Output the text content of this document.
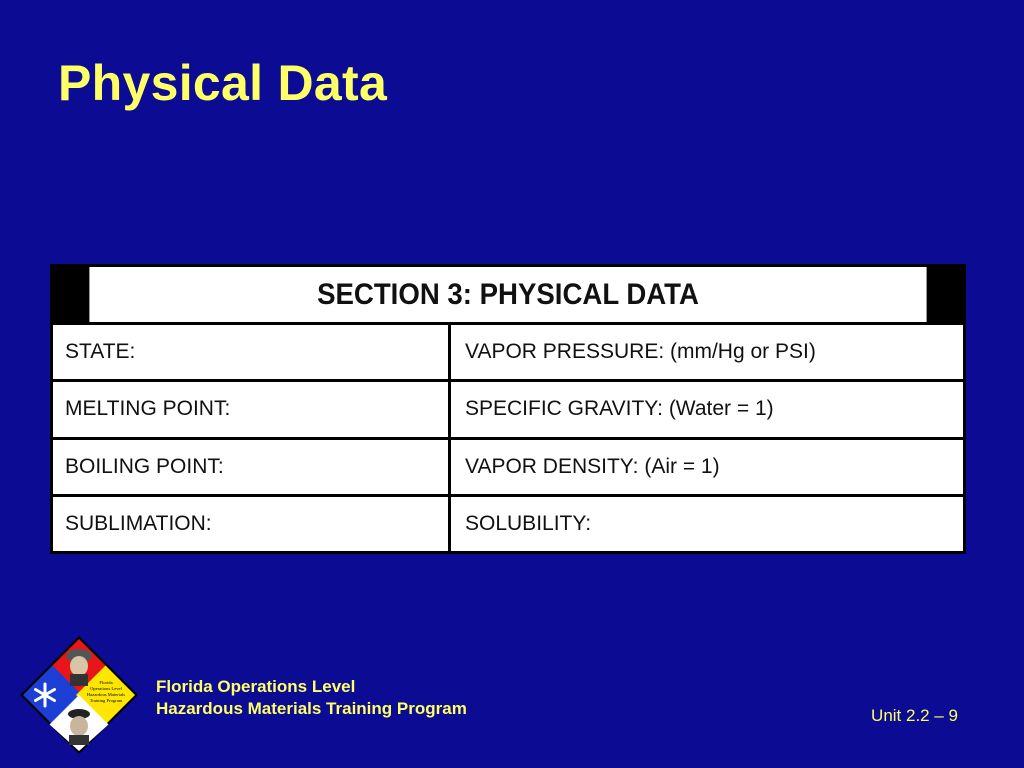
Physical Data
SECTION 3: PHYSICAL DATA
STATE:	VAPOR PRESSURE: (mm/Hg or PSI)
MELTING POINT:	SPECIFIC GRAVITY: (Water = 1)
BOILING POINT:	VAPOR DENSITY: (Air = 1)
SUBLIMATION:	SOLUBILITY:
Florida
Operations Level
Hazardous Materials
Training Program
Florida Operations Level
Hazardous Materials Training Program	Unit 2.2 – 9
